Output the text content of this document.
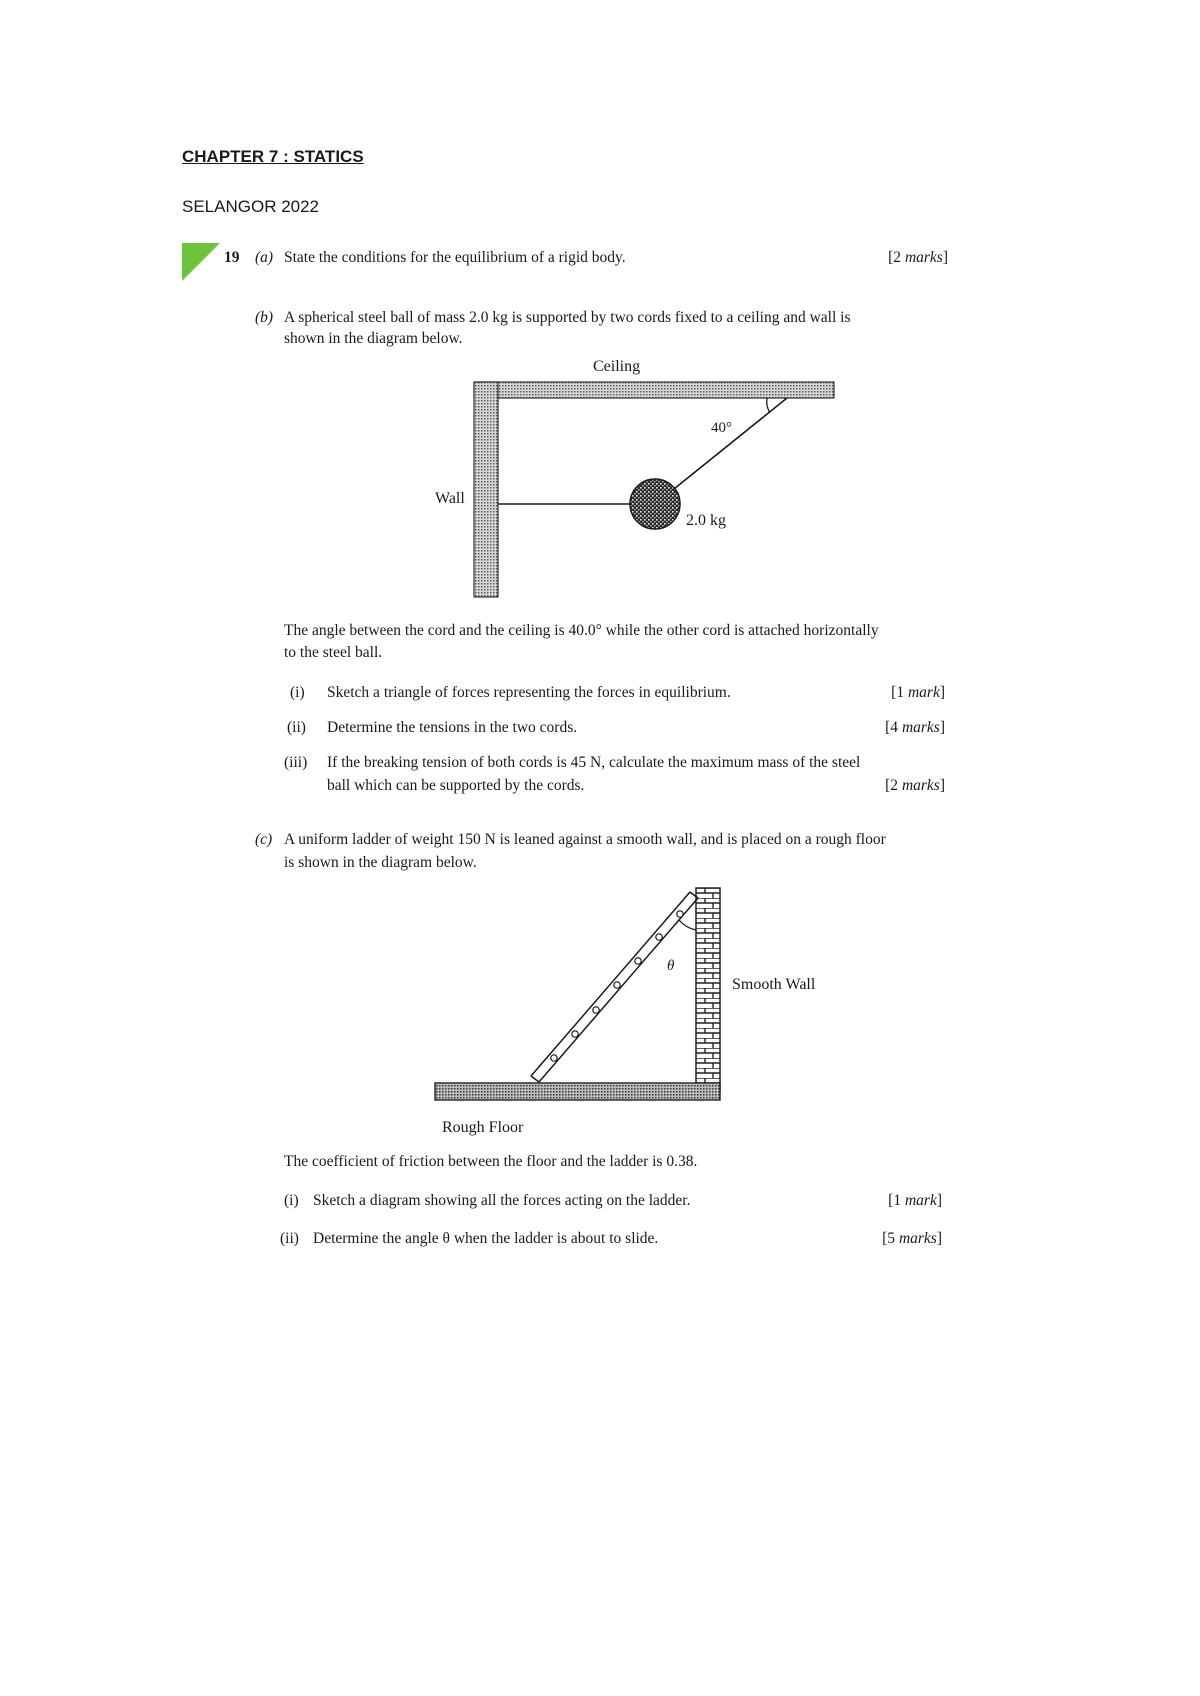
CHAPTER 7 : STATICS
SELANGOR 2022
19 (a) State the conditions for the equilibrium of a rigid body.	[2 marks]
(b) A spherical steel ball of mass 2.0 kg is supported by two cords fixed to a ceiling and wall is
shown in the diagram below.
Ceiling
Wall
40°
2.0 kg
The angle between the cord and the ceiling is 40.0° while the other cord is attached horizontally
to the steel ball.
(i) Sketch a triangle of forces representing the forces in equilibrium.	[1 mark]
(ii) Determine the tensions in the two cords.	[4 marks]
(iii) If the breaking tension of both cords is 45 N, calculate the maximum mass of the steel
ball which can be supported by the cords.	[2 marks]
(c) A uniform ladder of weight 150 N is leaned against a smooth wall, and is placed on a rough floor
is shown in the diagram below.
θ
Smooth Wall
Rough Floor
The coefficient of friction between the floor and the ladder is 0.38.
(i) Sketch a diagram showing all the forces acting on the ladder.	[1 mark]
(ii) Determine the angle θ when the ladder is about to slide.	[5 marks]
